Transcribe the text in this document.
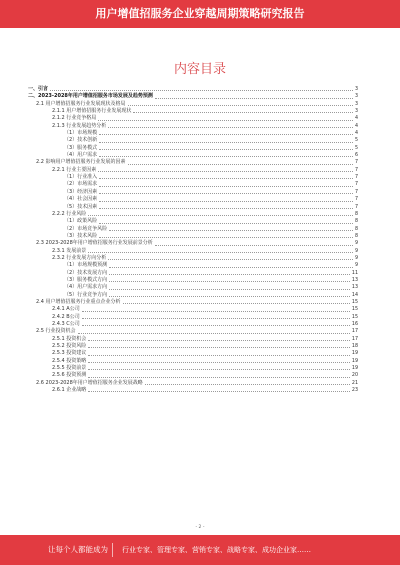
用户增值招服务企业穿越周期策略研究报告
内容目录
一、引言	3
二、2023-2028年用户增值招服务市场发展及趋势预测	3
2.1 用户增值招服务行业发展现状及格局	3
2.1.1 用户增值招服务行业发展现状	3
2.1.2 行业竞争格局	4
2.1.3 行业发展趋势分析	4
（1）市场规模	4
（2）技术创新	5
（3）服务模式	5
（4）用户需求	6
2.2 影响用户增值招服务行业发展的因素	7
2.2.1 行业主要因素	7
（1）行业准入	7
（2）市场需求	7
（3）经济因素	7
（4）社会因素	7
（5）技术因素	7
2.2.2 行业风险	8
（1）政策风险	8
（2）市场竞争风险	8
（3）技术风险	8
2.3 2023-2028年用户增值招服务行业发展前景分析	9
2.3.1 发展前景	9
2.3.2 行业发展方向分析	9
（1）市场规模预测	9
（2）技术发展方向	11
（3）服务模式方向	13
（4）用户需求方向	13
（5）行业竞争方向	14
2.4 用户增值招服务行业重点企业分析	15
2.4.1 A公司	15
2.4.2 B公司	15
2.4.3 C公司	16
2.5 行业投资机会	17
2.5.1 投资机会	17
2.5.2 投资风险	18
2.5.3 投资建议	19
2.5.4 投资策略	19
2.5.5 投资前景	19
2.5.6 投资预测	20
2.6 2023-2028年用户增值招服务企业发展战略	21
2.6.1 企业战略	23
- 2 -
让每个人都能成为 行业专家、管理专家、营销专家、战略专家、成功企业家……
